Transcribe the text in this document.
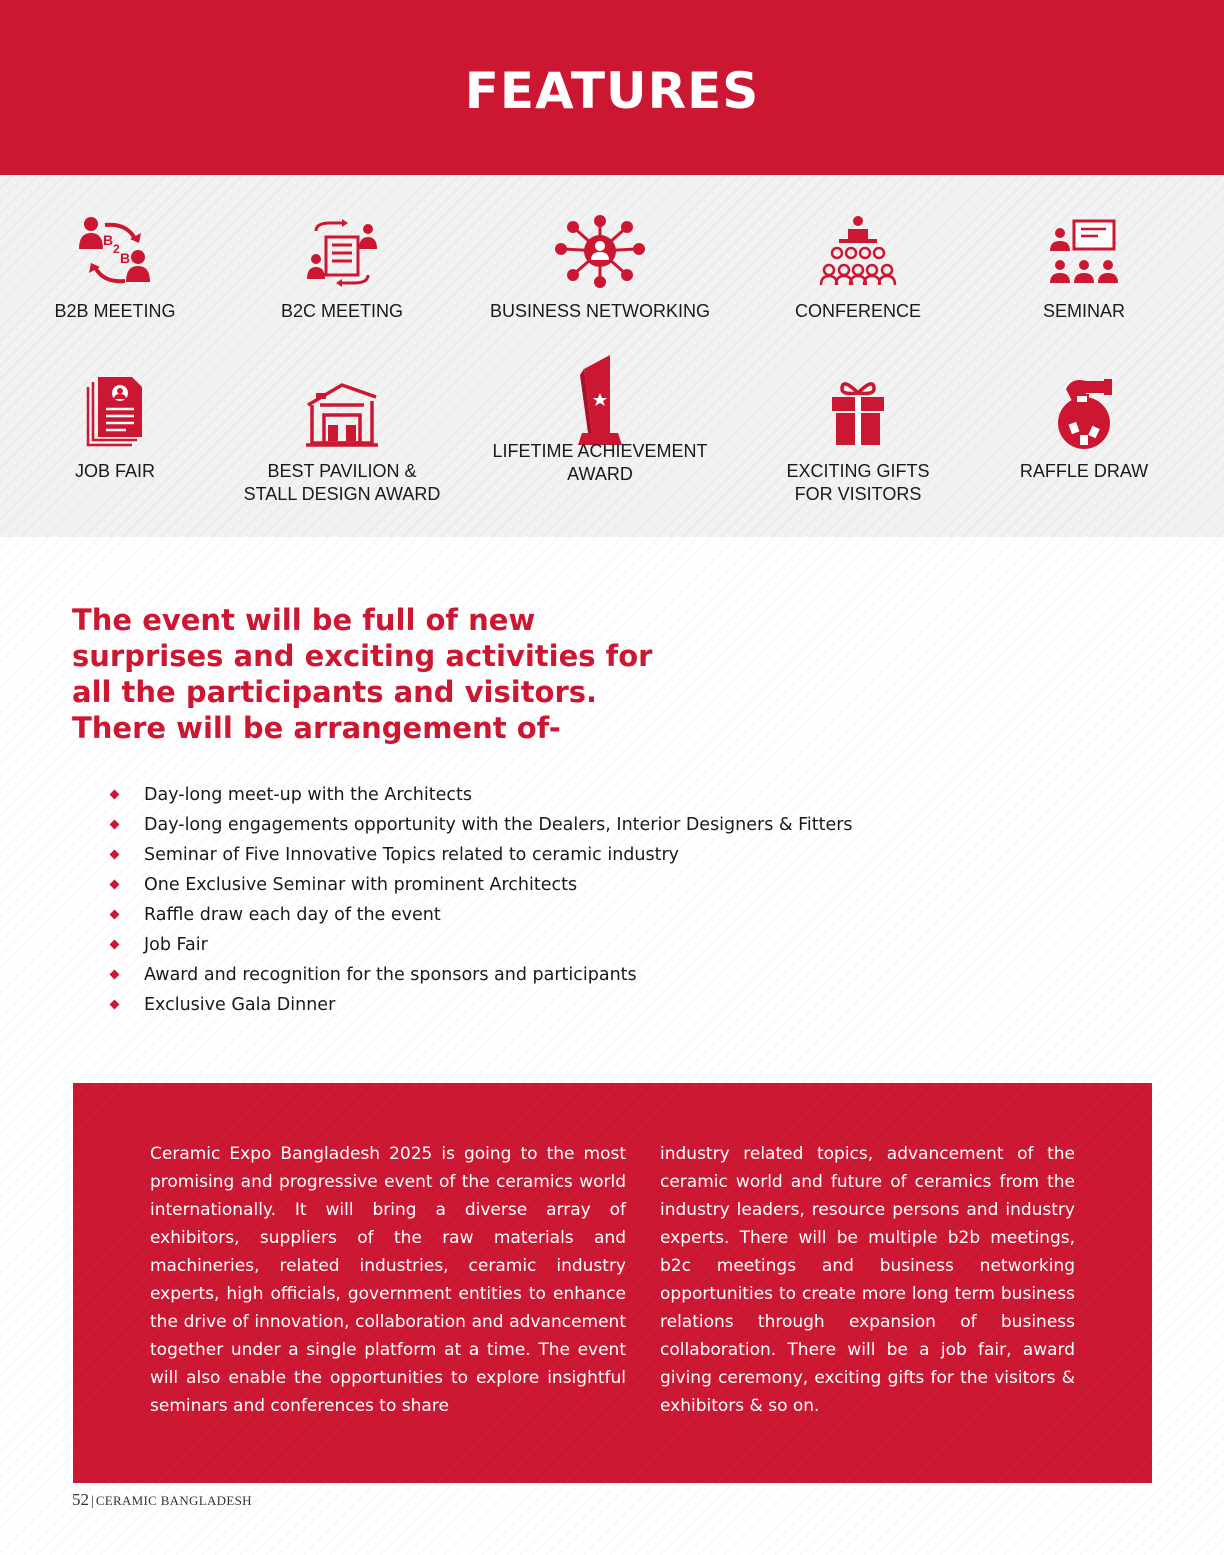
FEATURES
B
2
B
B2B MEETING	B2C MEETING	BUSINESS NETWORKING	CONFERENCE	SEMINAR
JOB FAIR	BEST PAVILION &
STALL DESIGN AWARD
LIFETIME ACHIEVEMENT
AWARD	EXCITING GIFTS
FOR VISITORS
RAFFLE DRAW

The event will be full of new surprises and exciting activities for all the participants and visitors. There will be arrangement of-

Day-long meet-up with the Architects
Day-long engagements opportunity with the Dealers, Interior Designers & Fitters
Seminar of Five Innovative Topics related to ceramic industry
One Exclusive Seminar with prominent Architects
Raffle draw each day of the event
Job Fair
Award and recognition for the sponsors and participants
Exclusive Gala Dinner

Ceramic Expo Bangladesh 2025 is going to the most promising and progressive event of the ceramics world internationally. It will bring a diverse array of exhibitors, suppliers of the raw materials and machineries, related industries, ceramic industry experts, high officials, government entities to enhance the drive of innovation, collaboration and advancement together under a single platform at a time. The event will also enable the opportunities to explore insightful seminars and conferences to share

industry related topics, advancement of the ceramic world and future of ceramics from the industry leaders, resource persons and industry experts. There will be multiple b2b meetings, b2c meetings and business networking opportunities to create more long term business relations through expansion of business collaboration. There will be a job fair, award giving ceremony, exciting gifts for the visitors & exhibitors & so on.

52 | CERAMIC BANGLADESH
